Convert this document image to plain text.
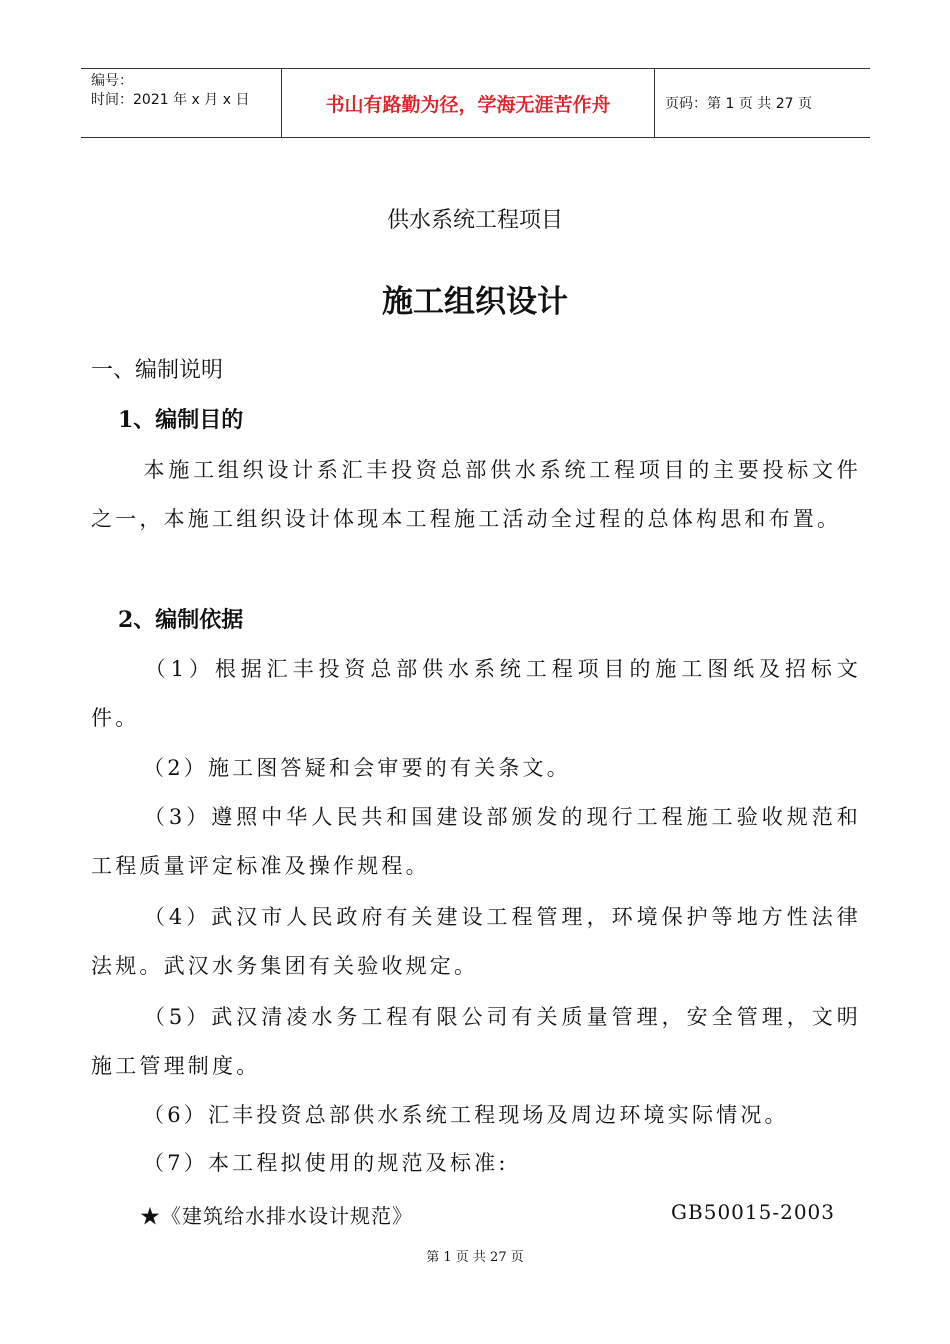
编号：
时间：2021 年 x 月 x 日	书山有路勤为径，学海无涯苦作舟	页码：第 1 页 共 27 页
供水系统工程项目
施工组织设计
一、编制说明
1、编制目的

本施工组织设计系汇丰投资总部供水系统工程项目的主要投标文件之一，本施工组织设计体现本工程施工活动全过程的总体构思和布置。

2、编制依据

（1）根据汇丰投资总部供水系统工程项目的施工图纸及招标文件。

（2）施工图答疑和会审要的有关条文。

（3）遵照中华人民共和国建设部颁发的现行工程施工验收规范和工程质量评定标准及操作规程。

（4）武汉市人民政府有关建设工程管理，环境保护等地方性法律法规。武汉水务集团有关验收规定。

（5）武汉清凌水务工程有限公司有关质量管理，安全管理，文明施工管理制度。

（6）汇丰投资总部供水系统工程现场及周边环境实际情况。

（7）本工程拟使用的规范及标准:

★《建筑给水排水设计规范》	GB50015-2003
第 1 页 共 27 页
